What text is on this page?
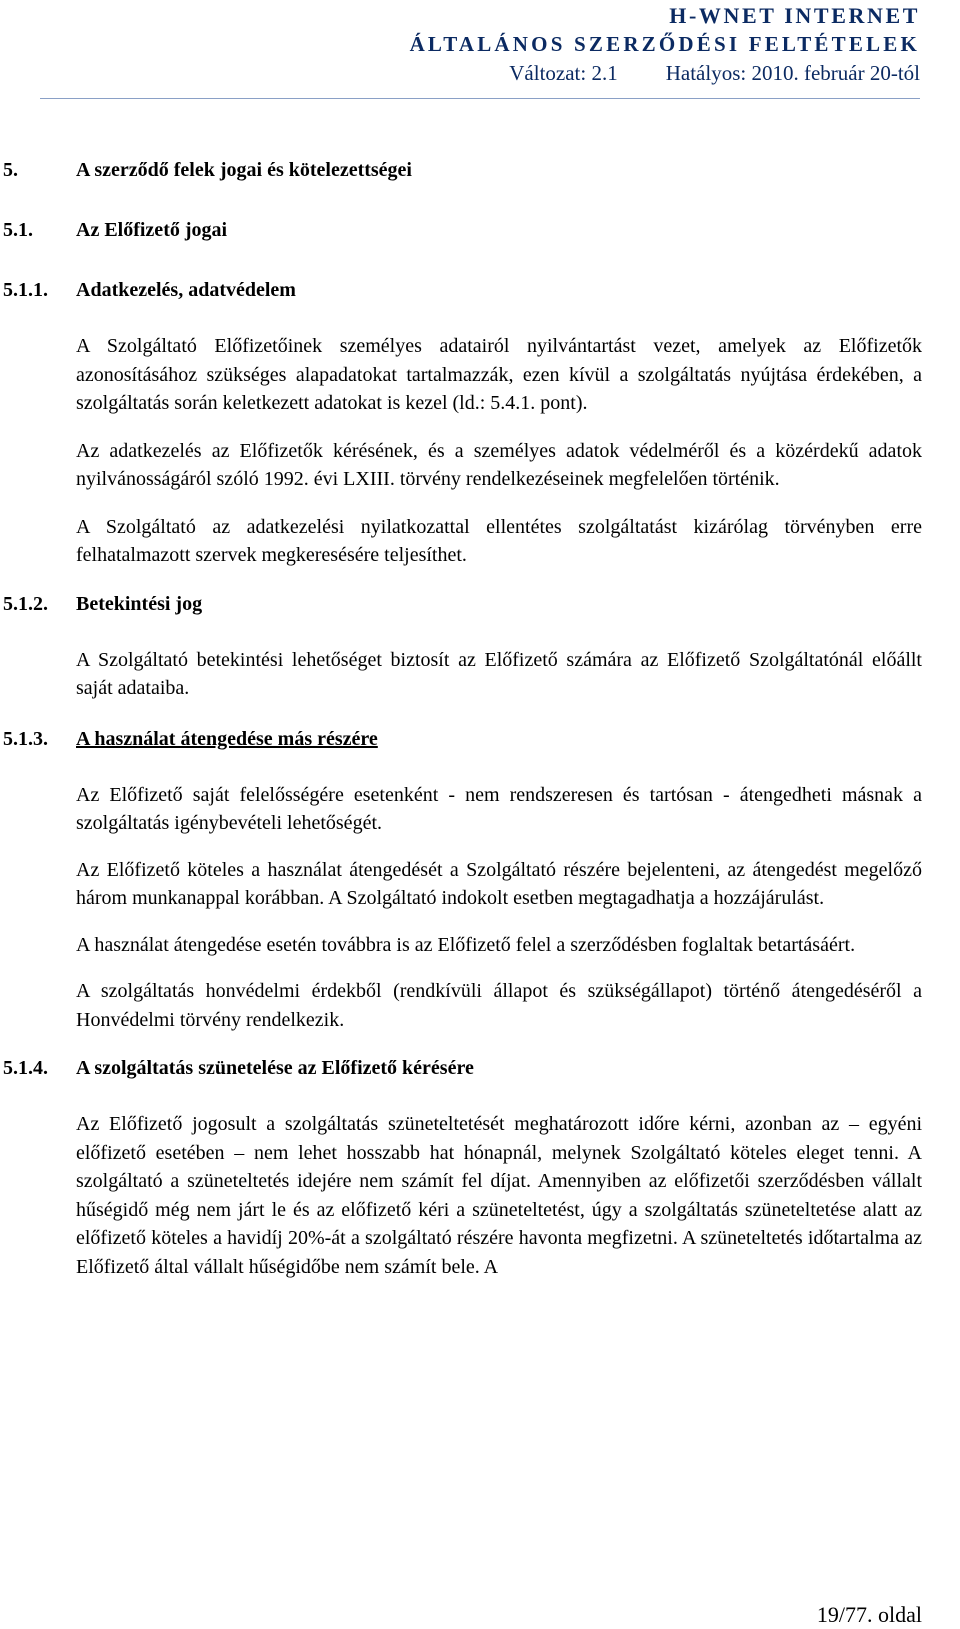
H-WNET INTERNET
ÁLTALÁNOS SZERZŐDÉSI FELTÉTELEK
Változat: 2.1 Hatályos: 2010. február 20-tól
5.	A szerződő felek jogai és kötelezettségei
5.1. Az Előfizető jogai
5.1.1. Adatkezelés, adatvédelem

A Szolgáltató Előfizetőinek személyes adatairól nyilvántartást vezet, amelyek az Előfizetők azonosításához szükséges alapadatokat tartalmazzák, ezen kívül a szolgáltatás nyújtása érdekében, a szolgáltatás során keletkezett adatokat is kezel (ld.: 5.4.1. pont).

Az adatkezelés az Előfizetők kérésének, és a személyes adatok védelméről és a közérdekű adatok nyilvánosságáról szóló 1992. évi LXIII. törvény rendelkezéseinek megfelelően történik.

A Szolgáltató az adatkezelési nyilatkozattal ellentétes szolgáltatást kizárólag törvényben erre felhatalmazott szervek megkeresésére teljesíthet.

5.1.2. Betekintési jog

A Szolgáltató betekintési lehetőséget biztosít az Előfizető számára az Előfizető Szolgáltatónál előállt saját adataiba.

5.1.3. A használat átengedése más részére

Az Előfizető saját felelősségére esetenként - nem rendszeresen és tartósan - átengedheti másnak a szolgáltatás igénybevételi lehetőségét.

Az Előfizető köteles a használat átengedését a Szolgáltató részére bejelenteni, az átengedést megelőző három munkanappal korábban. A Szolgáltató indokolt esetben megtagadhatja a hozzájárulást.

A használat átengedése esetén továbbra is az Előfizető felel a szerződésben foglaltak betartásáért.

A szolgáltatás honvédelmi érdekből (rendkívüli állapot és szükségállapot) történő átengedéséről a Honvédelmi törvény rendelkezik.

5.1.4. A szolgáltatás szünetelése az Előfizető kérésére

Az Előfizető jogosult a szolgáltatás szüneteltetését meghatározott időre kérni, azonban az – egyéni előfizető esetében – nem lehet hosszabb hat hónapnál, melynek Szolgáltató köteles eleget tenni. A szolgáltató a szüneteltetés idejére nem számít fel díjat. Amennyiben az előfizetői szerződésben vállalt hűségidő még nem járt le és az előfizető kéri a szüneteltetést, úgy a szolgáltatás szüneteltetése alatt az előfizető köteles a havidíj 20%-át a szolgáltató részére havonta megfizetni. A szüneteltetés időtartalma az Előfizető által vállalt hűségidőbe nem számít bele. A

19/77. oldal
